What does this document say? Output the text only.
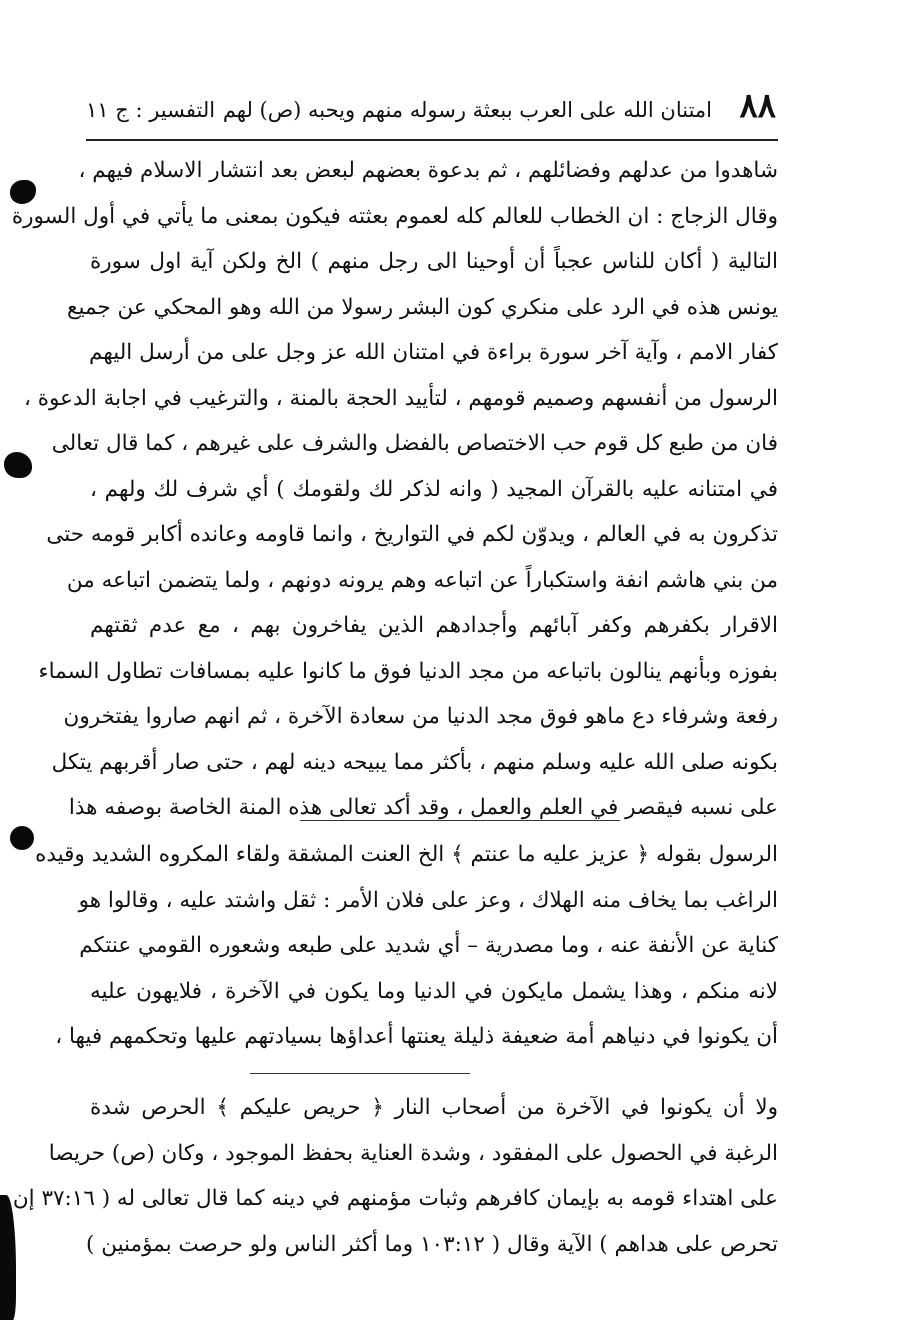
٨٨
امتنان الله على العرب ببعثة رسوله منهم ويحبه (ص) لهم
التفسير : ج ١١
شاهدوا من عدلهم وفضائلهم ، ثم بدعوة بعضهم لبعض بعد انتشار الاسلام فيهم ،
وقال الزجاج : ان الخطاب للعالم كله لعموم بعثته فيكون بمعنى ما يأتي في أول السورة
التالية ( أكان للناس عجباً أن أوحينا الى رجل منهم ) الخ ولكن آية اول سورة
يونس هذه في الرد على منكري كون البشر رسولا من الله وهو المحكي عن جميع
كفار الامم ، وآية آخر سورة براءة في امتنان الله عز وجل على من أرسل اليهم
الرسول من أنفسهم وصميم قومهم ، لتأييد الحجة بالمنة ، والترغيب في اجابة الدعوة ،
فان من طبع كل قوم حب الاختصاص بالفضل والشرف على غيرهم ، كما قال تعالى
في امتنانه عليه بالقرآن المجيد ( وانه لذكر لك ولقومك ) أي شرف لك ولهم ،
تذكرون به في العالم ، ويدوّن لكم في التواريخ ، وانما قاومه وعانده أكابر قومه حتى
من بني هاشم انفة واستكباراً عن اتباعه وهم يرونه دونهم ، ولما يتضمن اتباعه من
الاقرار بكفرهم وكفر آبائهم وأجدادهم الذين يفاخرون بهم ، مع عدم ثقتهم
بفوزه وبأنهم ينالون باتباعه من مجد الدنيا فوق ما كانوا عليه بمسافات تطاول السماء
رفعة وشرفاء دع ماهو فوق مجد الدنيا من سعادة الآخرة ، ثم انهم صاروا يفتخرون
بكونه صلى الله عليه وسلم منهم ، بأكثر مما يبيحه دينه لهم ، حتى صار أقربهم يتكل
على نسبه فيقصر في العلم والعمل ، وقد أكد تعالى هذه المنة الخاصة بوصفه هذا
الرسول بقوله ﴿ عزيز عليه ما عنتم ﴾ الخ العنت المشقة ولقاء المكروه الشديد وقيده
الراغب بما يخاف منه الهلاك ، وعز على فلان الأمر : ثقل واشتد عليه ، وقالوا هو
كناية عن الأنفة عنه ، وما مصدرية – أي شديد على طبعه وشعوره القومي عنتكم
لانه منكم ، وهذا يشمل مايكون في الدنيا وما يكون في الآخرة ، فلايهون عليه
أن يكونوا في دنياهم أمة ضعيفة ذليلة يعنتها أعداؤها بسيادتهم عليها وتحكمهم فيها ،
ولا أن يكونوا في الآخرة من أصحاب النار ﴿ حريص عليكم ﴾ الحرص شدة
الرغبة في الحصول على المفقود ، وشدة العناية بحفظ الموجود ، وكان (ص) حريصا
على اهتداء قومه به بإيمان كافرهم وثبات مؤمنهم في دينه كما قال تعالى له ( ٣٧:١٦ إن
تحرص على هداهم ) الآية وقال ( ١٠٣:١٢ وما أكثر الناس ولو حرصت بمؤمنين )
